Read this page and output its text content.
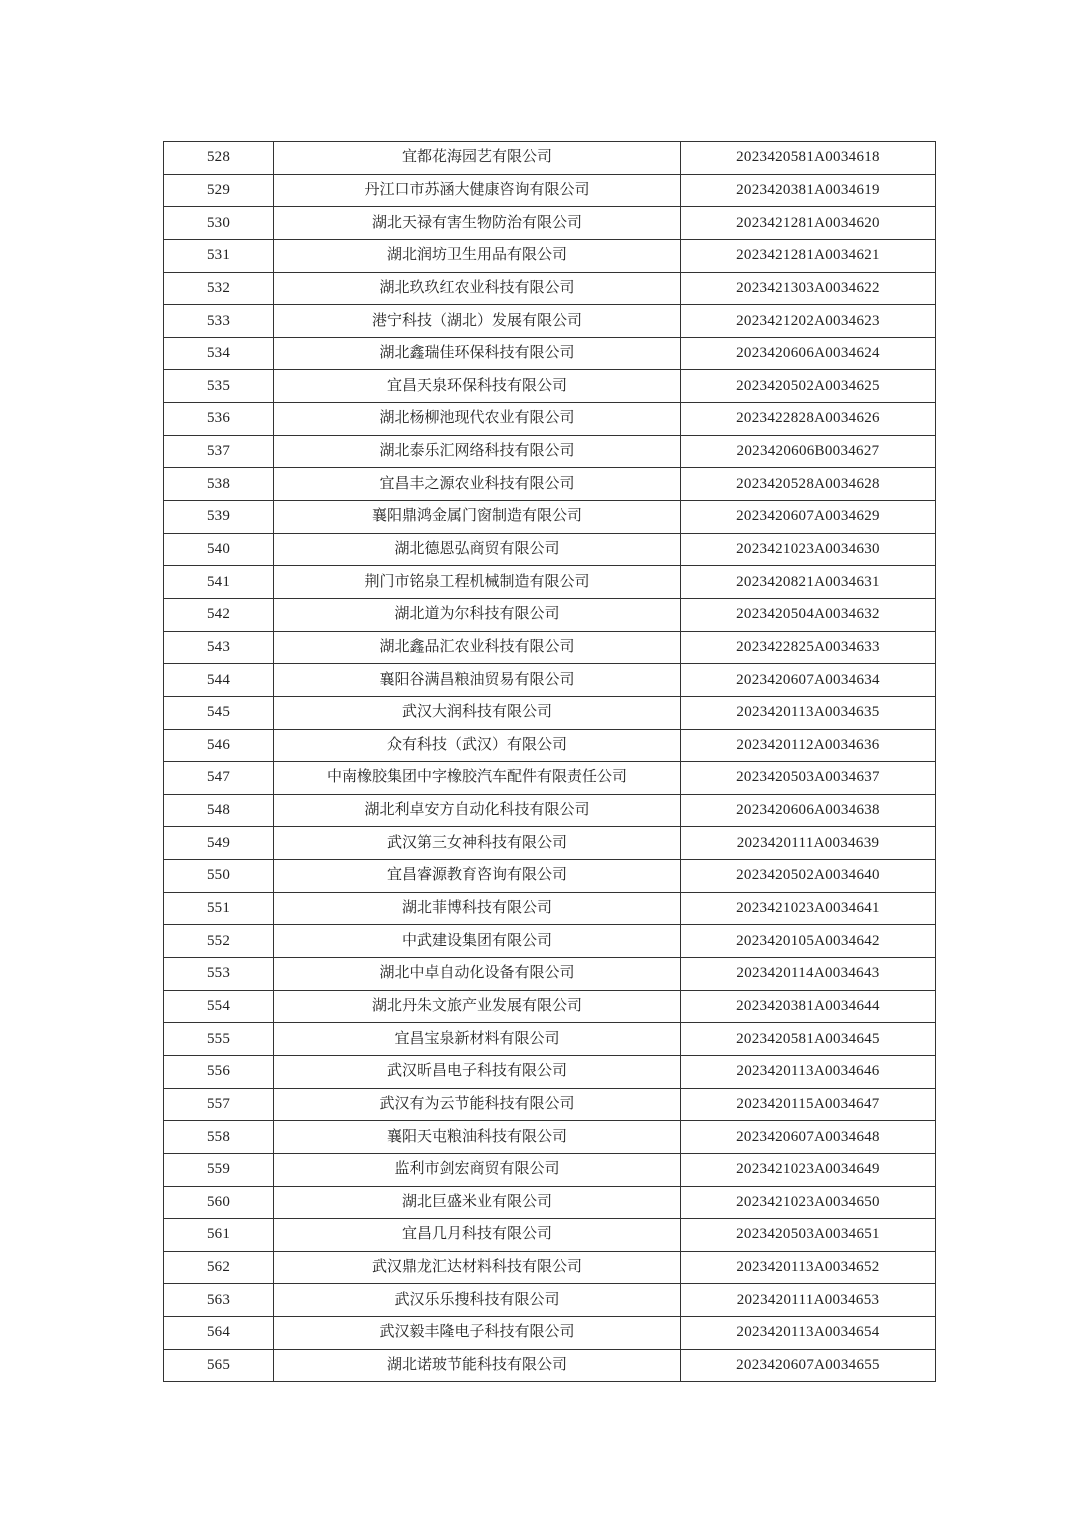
528	宜都花海园艺有限公司	2023420581A0034618
529	丹江口市苏涵大健康咨询有限公司	2023420381A0034619
530	湖北天禄有害生物防治有限公司	2023421281A0034620
531	湖北润坊卫生用品有限公司	2023421281A0034621
532	湖北玖玖红农业科技有限公司	2023421303A0034622
533	港宁科技（湖北）发展有限公司	2023421202A0034623
534	湖北鑫瑞佳环保科技有限公司	2023420606A0034624
535	宜昌天泉环保科技有限公司	2023420502A0034625
536	湖北杨柳池现代农业有限公司	2023422828A0034626
537	湖北泰乐汇网络科技有限公司	2023420606B0034627
538	宜昌丰之源农业科技有限公司	2023420528A0034628
539	襄阳鼎鸿金属门窗制造有限公司	2023420607A0034629
540	湖北德恩弘商贸有限公司	2023421023A0034630
541	荆门市铭泉工程机械制造有限公司	2023420821A0034631
542	湖北道为尔科技有限公司	2023420504A0034632
543	湖北鑫品汇农业科技有限公司	2023422825A0034633
544	襄阳谷满昌粮油贸易有限公司	2023420607A0034634
545	武汉大润科技有限公司	2023420113A0034635
546	众有科技（武汉）有限公司	2023420112A0034636
547	中南橡胶集团中字橡胶汽车配件有限责任公司	2023420503A0034637
548	湖北利卓安方自动化科技有限公司	2023420606A0034638
549	武汉第三女神科技有限公司	2023420111A0034639
550	宜昌睿源教育咨询有限公司	2023420502A0034640
551	湖北菲博科技有限公司	2023421023A0034641
552	中武建设集团有限公司	2023420105A0034642
553	湖北中卓自动化设备有限公司	2023420114A0034643
554	湖北丹朱文旅产业发展有限公司	2023420381A0034644
555	宜昌宝泉新材料有限公司	2023420581A0034645
556	武汉昕昌电子科技有限公司	2023420113A0034646
557	武汉有为云节能科技有限公司	2023420115A0034647
558	襄阳天屯粮油科技有限公司	2023420607A0034648
559	监利市剑宏商贸有限公司	2023421023A0034649
560	湖北巨盛米业有限公司	2023421023A0034650
561	宜昌几月科技有限公司	2023420503A0034651
562	武汉鼎龙汇达材料科技有限公司	2023420113A0034652
563	武汉乐乐搜科技有限公司	2023420111A0034653
564	武汉毅丰隆电子科技有限公司	2023420113A0034654
565	湖北诺玻节能科技有限公司	2023420607A0034655
